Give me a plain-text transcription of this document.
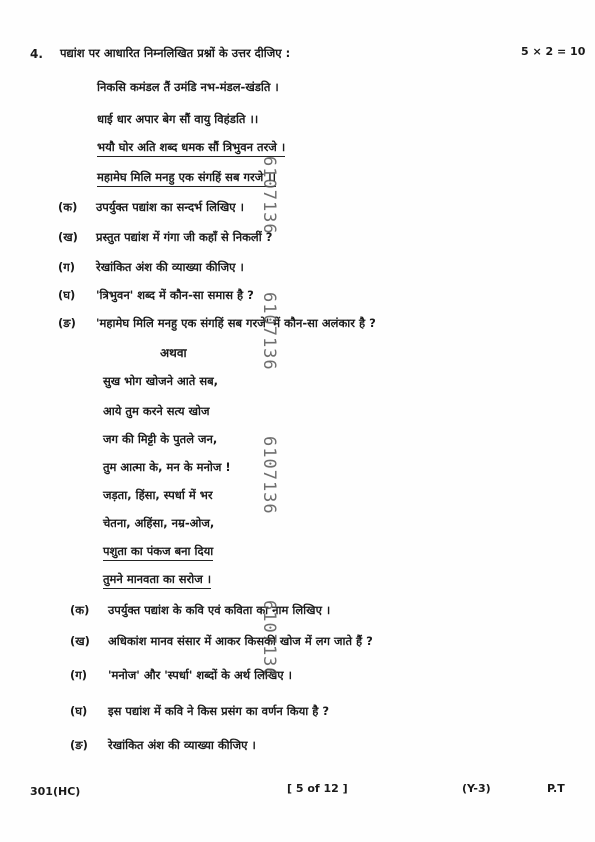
4. पद्यांश पर आधारित निम्नलिखित प्रश्नों के उत्तर दीजिए :	5 × 2 = 10
निकसि कमंडल तैं उमंडि नभ-मंडल-खंडति ।
धाई धार अपार बेग सौं वायु विहंडति ।।
भयौ घोर अति शब्द धमक सौं त्रिभुवन तरजे ।
महामेघ मिलि मनहु एक संगहिं सब गरजे ।।
(क) उपर्युक्त पद्यांश का सन्दर्भ लिखिए ।
(ख) प्रस्तुत पद्यांश में गंगा जी कहाँ से निकलीं ?
(ग) रेखांकित अंश की व्याख्या कीजिए ।
(घ) 'त्रिभुवन' शब्द में कौन-सा समास है ?
(ङ) 'महामेघ मिलि मनहु एक संगहिं सब गरजे' में कौन-सा अलंकार है ?
अथवा
सुख भोग खोजने आते सब,
आये तुम करने सत्य खोज
जग की मिट्टी के पुतले जन,
तुम आत्मा के, मन के मनोज !
जड़ता, हिंसा, स्पर्धा में भर
चेतना, अहिंसा, नम्र-ओज,
पशुता का पंकज बना दिया
तुमने मानवता का सरोज ।
(क) उपर्युक्त पद्यांश के कवि एवं कविता का नाम लिखिए ।
(ख) अधिकांश मानव संसार में आकर किसकी खोज में लग जाते हैं ?
(ग) 'मनोज' और 'स्पर्धा' शब्दों के अर्थ लिखिए ।
(घ) इस पद्यांश में कवि ने किस प्रसंग का वर्णन किया है ?
(ङ) रेखांकित अंश की व्याख्या कीजिए ।
6107136
6107136
6107136
6107136
301(HC)	[ 5 of 12 ]	(Y-3)	P.T
